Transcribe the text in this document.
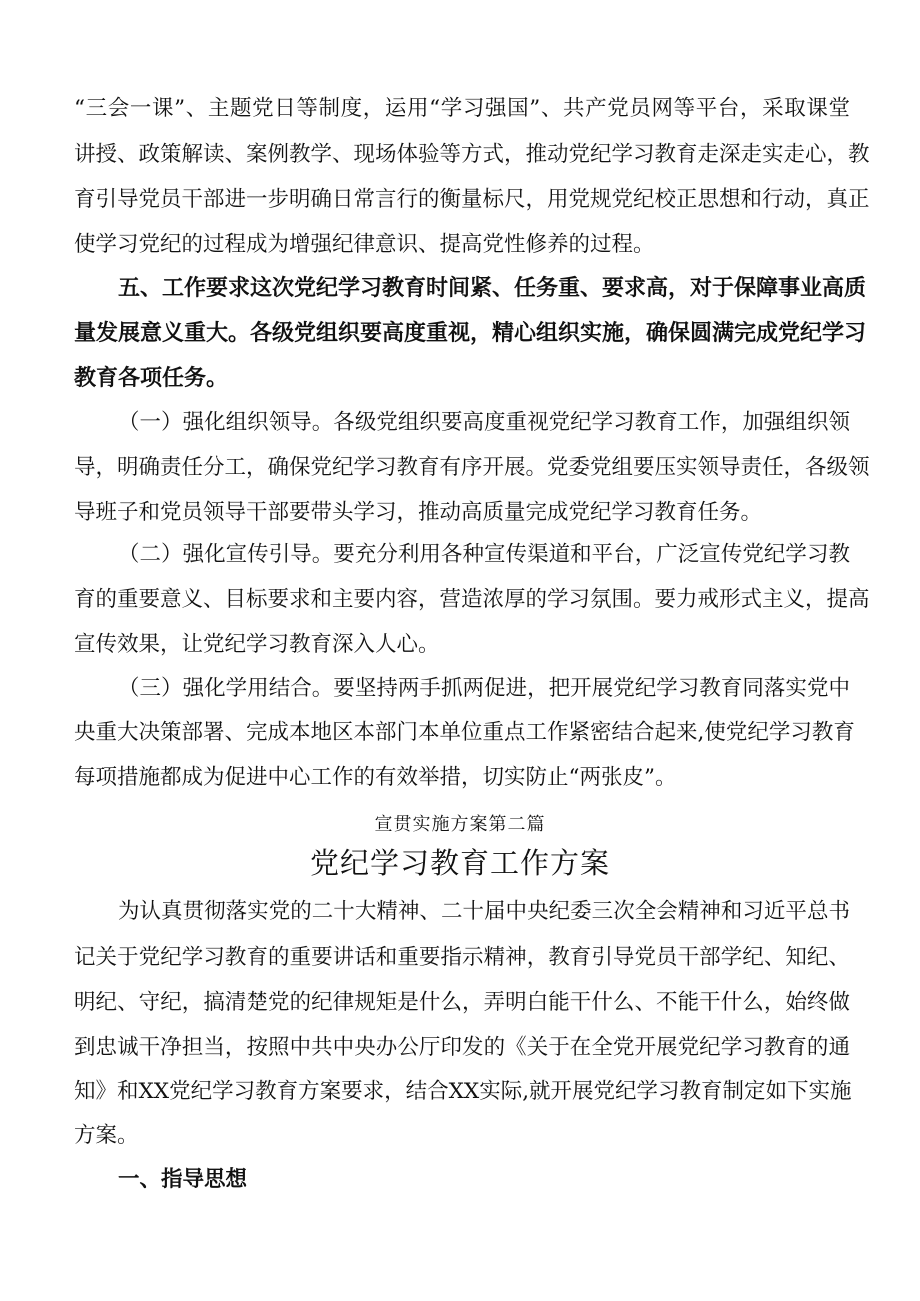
“三会一课”、主题党日等制度，运用“学习强国”、共产党员网等平台，采取课堂
讲授、政策解读、案例教学、现场体验等方式，推动党纪学习教育走深走实走心，教
育引导党员干部进一步明确日常言行的衡量标尺，用党规党纪校正思想和行动，真正
使学习党纪的过程成为增强纪律意识、提高党性修养的过程。
五、工作要求这次党纪学习教育时间紧、任务重、要求高，对于保障事业高质
量发展意义重大。各级党组织要高度重视，精心组织实施，确保圆满完成党纪学习
教育各项任务。
（一）强化组织领导。各级党组织要高度重视党纪学习教育工作，加强组织领
导，明确责任分工，确保党纪学习教育有序开展。党委党组要压实领导责任，各级领
导班子和党员领导干部要带头学习，推动高质量完成党纪学习教育任务。
（二）强化宣传引导。要充分利用各种宣传渠道和平台，广泛宣传党纪学习教
育的重要意义、目标要求和主要内容，营造浓厚的学习氛围。要力戒形式主义，提高
宣传效果，让党纪学习教育深入人心。
（三）强化学用结合。要坚持两手抓两促进，把开展党纪学习教育同落实党中
央重大决策部署、完成本地区本部门本单位重点工作紧密结合起来,使党纪学习教育
每项措施都成为促进中心工作的有效举措，切实防止“两张皮”。
宣贯实施方案第二篇
党纪学习教育工作方案
为认真贯彻落实党的二十大精神、二十届中央纪委三次全会精神和习近平总书
记关于党纪学习教育的重要讲话和重要指示精神，教育引导党员干部学纪、知纪、
明纪、守纪，搞清楚党的纪律规矩是什么，弄明白能干什么、不能干什么，始终做
到忠诚干净担当，按照中共中央办公厅印发的《关于在全党开展党纪学习教育的通
知》和XX党纪学习教育方案要求，结合XX实际,就开展党纪学习教育制定如下实施
方案。
一、指导思想
